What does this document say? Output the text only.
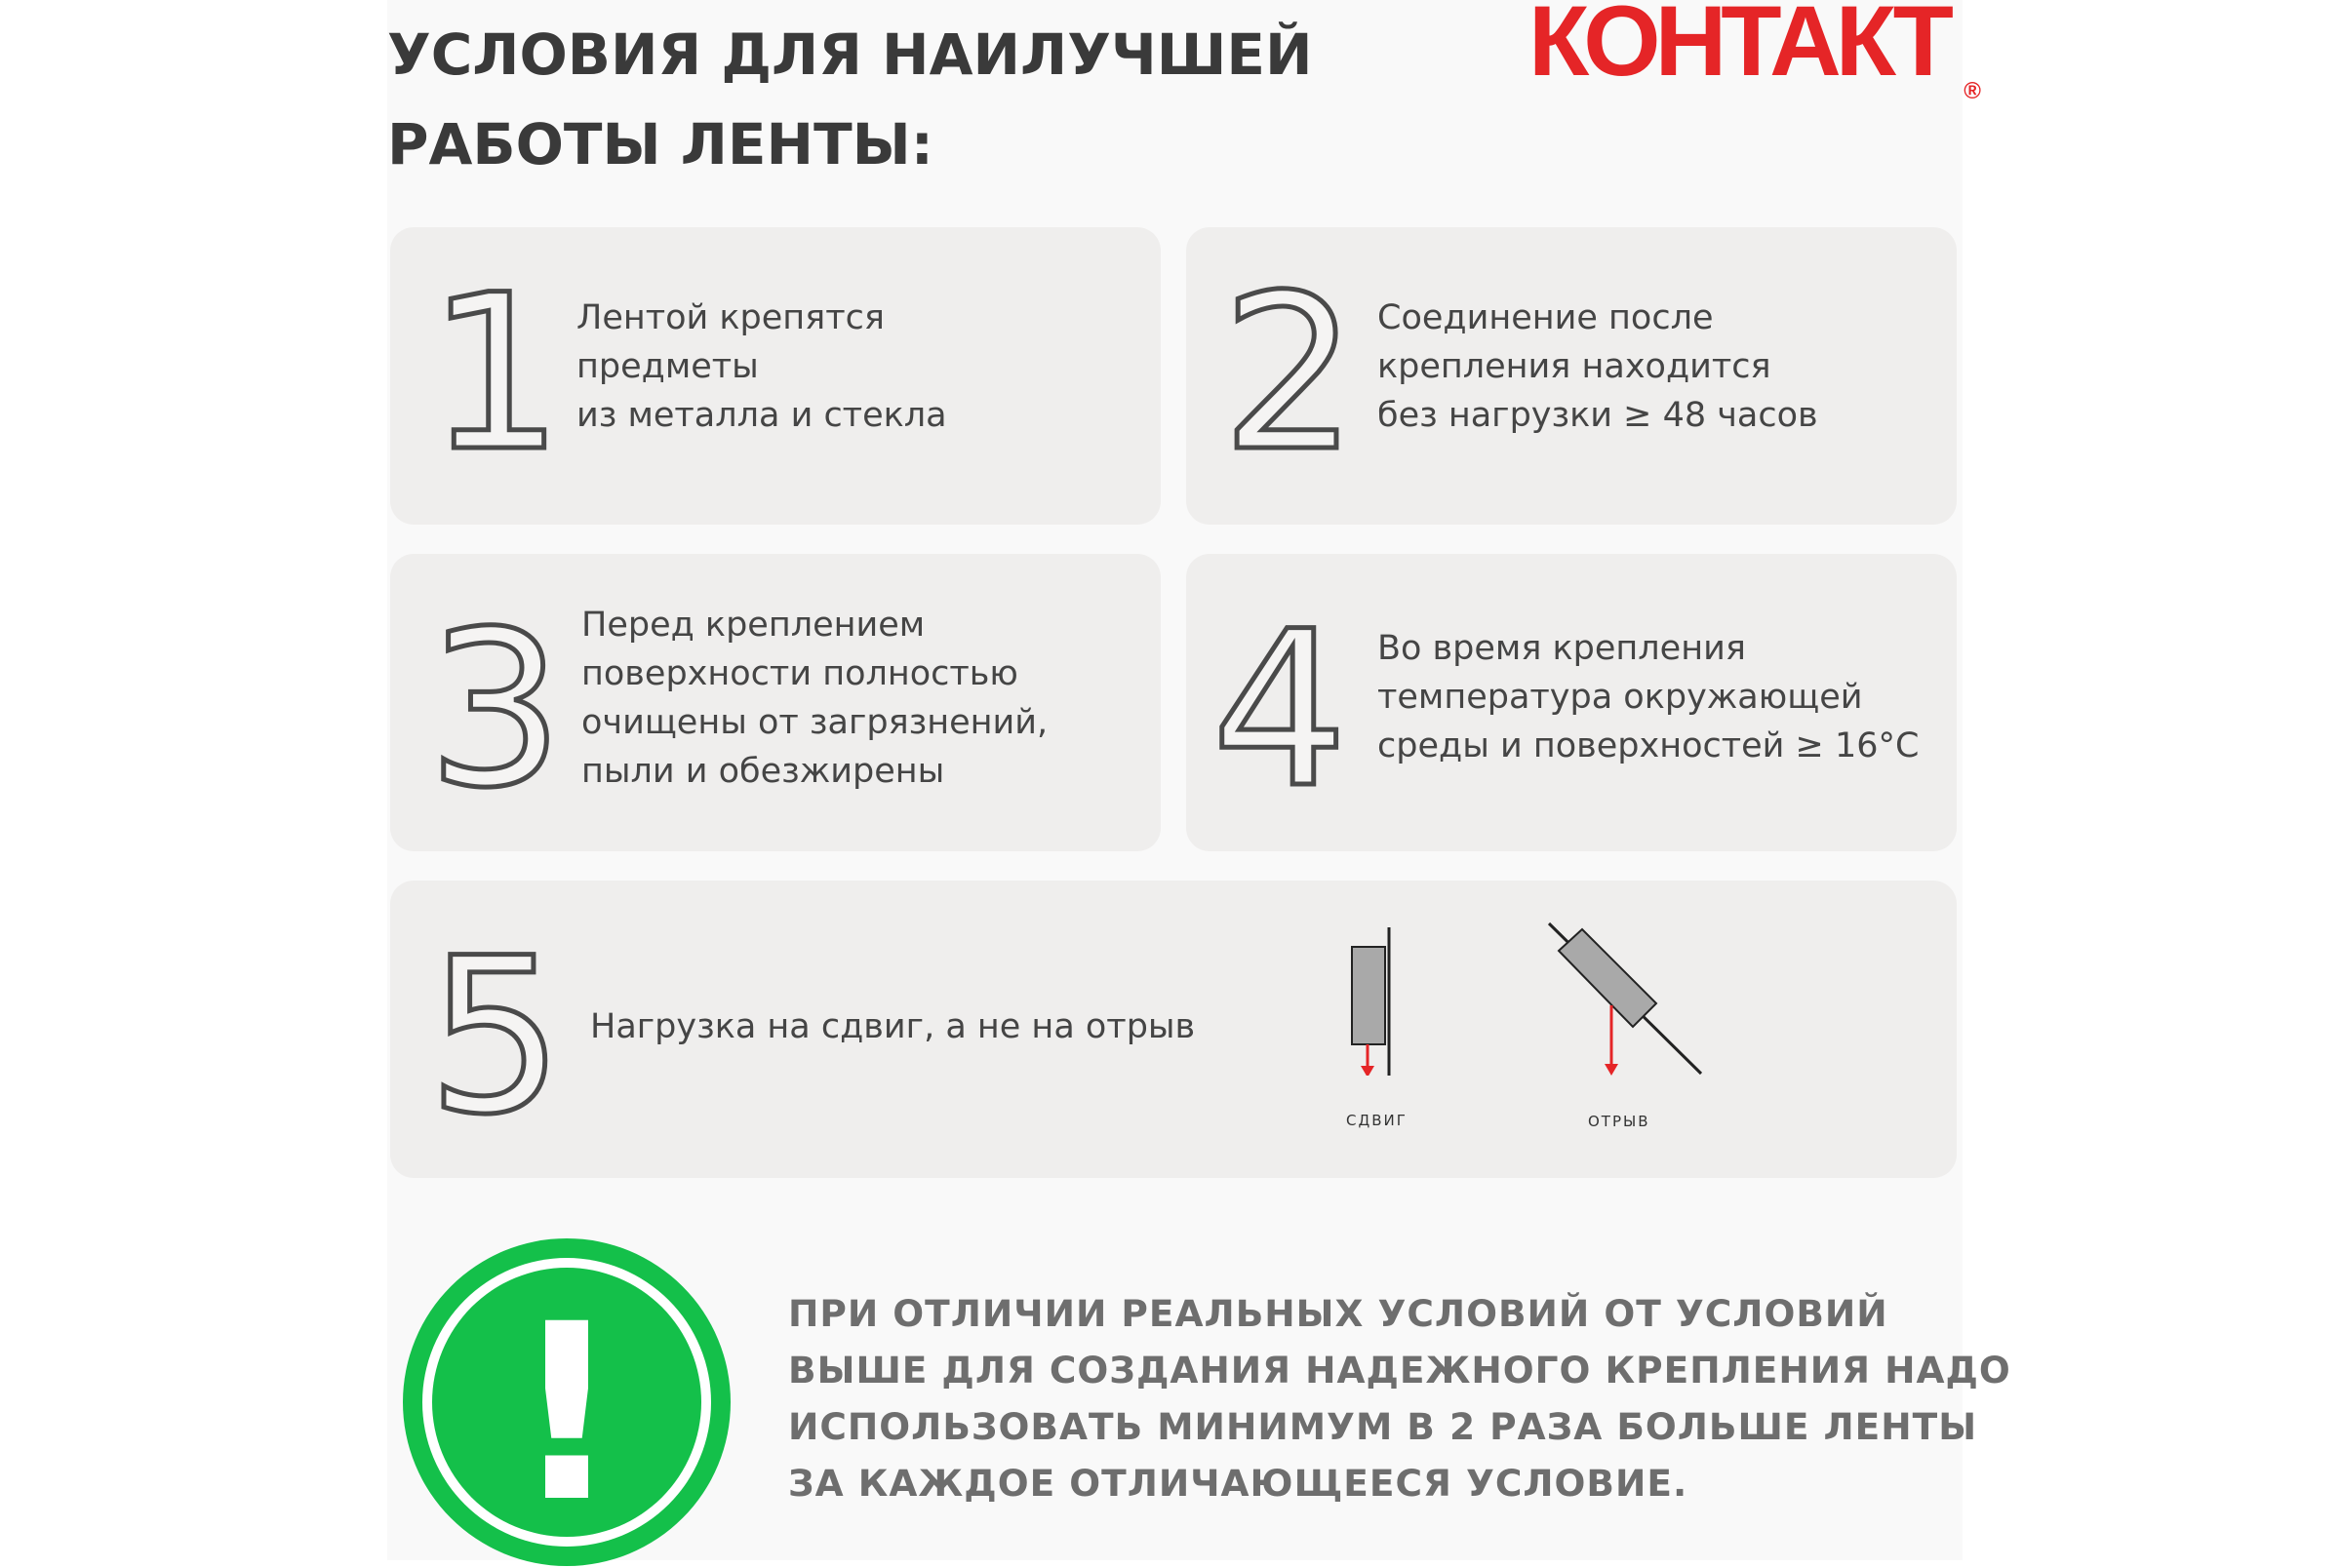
УСЛОВИЯ ДЛЯ НАИЛУЧШЕЙ
РАБОТЫ ЛЕНТЫ:
КОНТАКТ ®
1 Лентой крепятся
предметы
из металла и стекла 2 Соединение после
крепления находится
без нагрузки ≥ 48 часов
3 Перед креплением
поверхности полностью
очищены от загрязнений,
пыли и обезжирены	4 Во время крепления
температура окружающей
среды и поверхностей ≥ 16°C
5 Нагрузка на сдвиг, а не на отрыв
СДВИГ	ОТРЫВ
!	ПРИ ОТЛИЧИИ РЕАЛЬНЫХ УСЛОВИЙ ОТ УСЛОВИЙ
ВЫШЕ ДЛЯ СОЗДАНИЯ НАДЕЖНОГО КРЕПЛЕНИЯ НАДО
ИСПОЛЬЗОВАТЬ МИНИМУМ В 2 РАЗА БОЛЬШЕ ЛЕНТЫ
ЗА КАЖДОЕ ОТЛИЧАЮЩЕЕСЯ УСЛОВИЕ.
